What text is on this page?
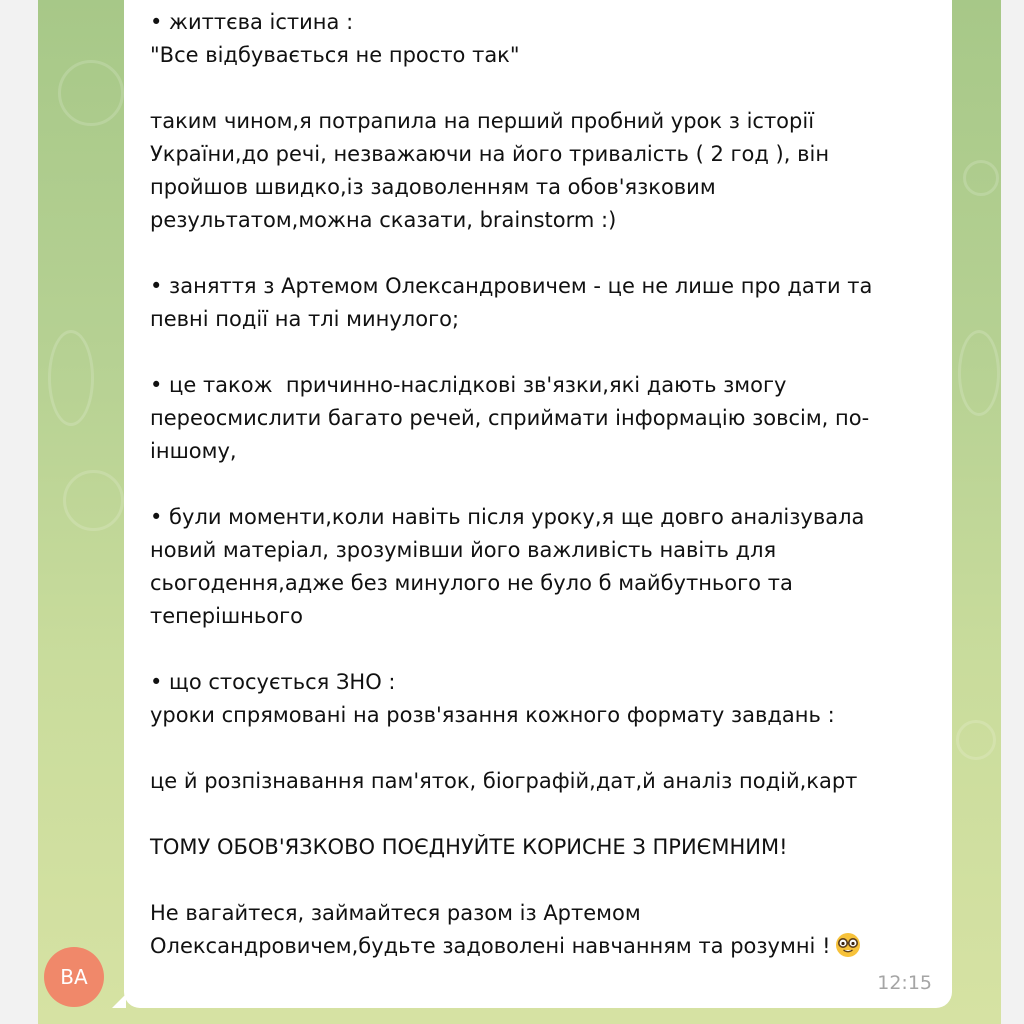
• життєва істина :

"Все відбувається не просто так"

таким чином,я потрапила на перший пробний урок з історії

України,до речі, незважаючи на його тривалість ( 2 год ), він

пройшов швидко,із задоволенням та обов'язковим

результатом,можна сказати, brainstorm :)

• заняття з Артемом Олександровичем - це не лише про дати та

певні події на тлі минулого;

• це також  причинно-наслідкові зв'язки,які дають змогу

переосмислити багато речей, сприймати інформацію зовсім, по-

іншому,

• були моменти,коли навіть після уроку,я ще довго аналізувала

новий матеріал, зрозумівши його важливість навіть для

сьогодення,адже без минулого не було б майбутнього та

теперішнього

• що стосується ЗНО :

уроки спрямовані на розв'язання кожного формату завдань :

це й розпізнавання пам'яток, біографій,дат,й аналіз подій,карт

ТОМУ ОБОВ'ЯЗКОВО ПОЄДНУЙТЕ КОРИСНЕ З ПРИЄМНИМ!

Не вагайтеся, займайтеся разом із Артемом

Олександровичем,будьте задоволені навчанням та розумні !

12:15
ВА
